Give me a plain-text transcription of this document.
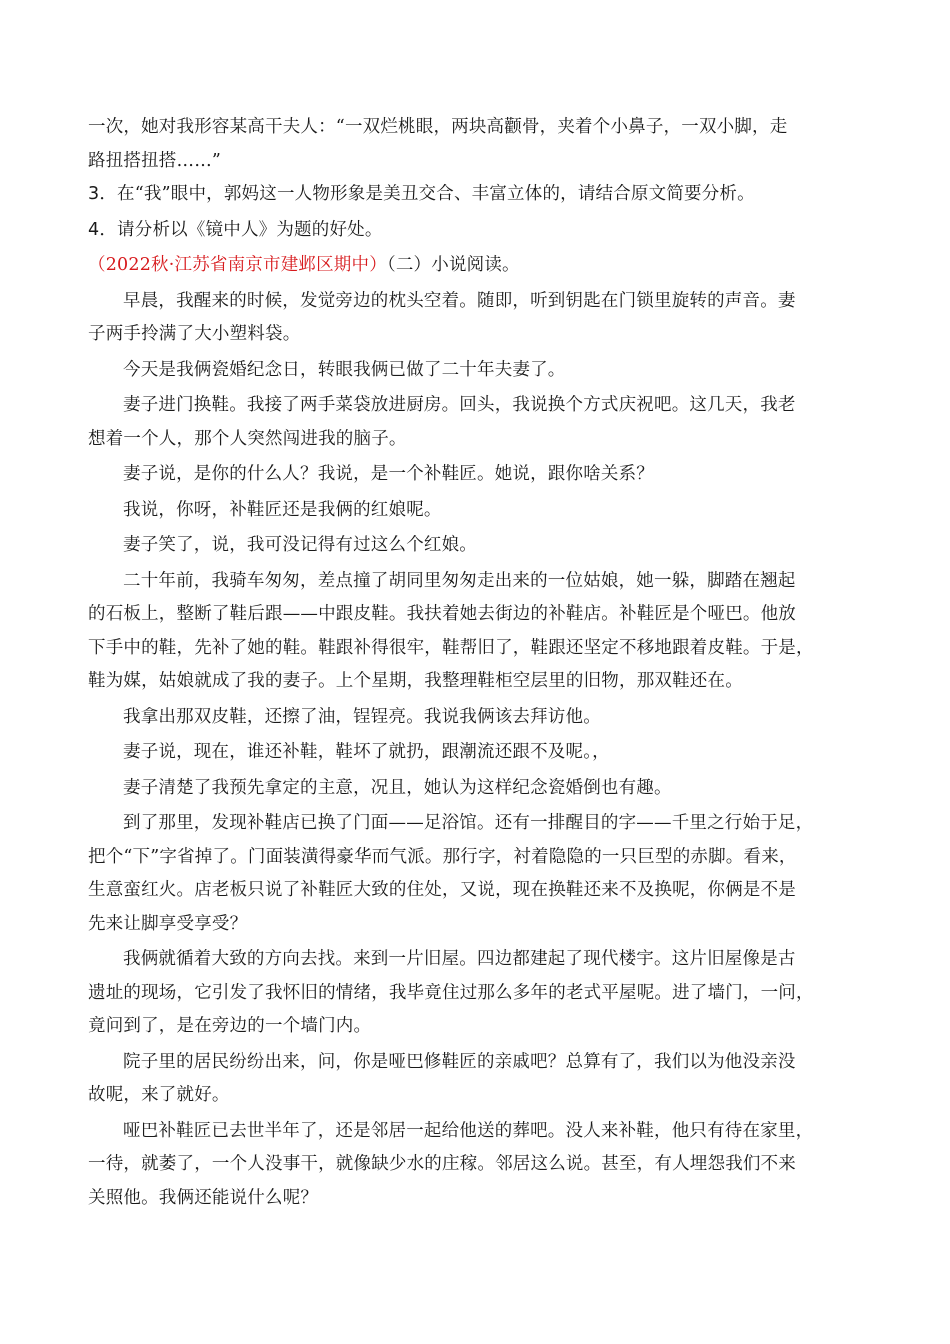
一次，她对我形容某高干夫人：“一双烂桃眼，两块高颧骨，夹着个小鼻子，一双小脚，走
路扭搭扭搭……”
3．在“我”眼中，郭妈这一人物形象是美丑交合、丰富立体的，请结合原文简要分析。
4．请分析以《镜中人》为题的好处。
（2022秋·江苏省南京市建邺区期中）（二）小说阅读。
早晨，我醒来的时候，发觉旁边的枕头空着。随即，听到钥匙在门锁里旋转的声音。妻
子两手拎满了大小塑料袋。
今天是我俩瓷婚纪念日，转眼我俩已做了二十年夫妻了。
妻子进门换鞋。我接了两手菜袋放进厨房。回头，我说换个方式庆祝吧。这几天，我老
想着一个人，那个人突然闯进我的脑子。
妻子说，是你的什么人？我说，是一个补鞋匠。她说，跟你啥关系？
我说，你呀，补鞋匠还是我俩的红娘呢。
妻子笑了，说，我可没记得有过这么个红娘。
二十年前，我骑车匆匆，差点撞了胡同里匆匆走出来的一位姑娘，她一躲，脚踏在翘起
的石板上，整断了鞋后跟——中跟皮鞋。我扶着她去街边的补鞋店。补鞋匠是个哑巴。他放
下手中的鞋，先补了她的鞋。鞋跟补得很牢，鞋帮旧了，鞋跟还坚定不移地跟着皮鞋。于是，
鞋为媒，姑娘就成了我的妻子。上个星期，我整理鞋柜空层里的旧物，那双鞋还在。
我拿出那双皮鞋，还擦了油，锃锃亮。我说我俩该去拜访他。
妻子说，现在，谁还补鞋，鞋坏了就扔，跟潮流还跟不及呢。，
妻子清楚了我预先拿定的主意，况且，她认为这样纪念瓷婚倒也有趣。
到了那里，发现补鞋店已换了门面——足浴馆。还有一排醒目的字——千里之行始于足，
把个“下”字省掉了。门面装潢得豪华而气派。那行字，衬着隐隐的一只巨型的赤脚。看来，
生意蛮红火。店老板只说了补鞋匠大致的住处，又说，现在换鞋还来不及换呢，你俩是不是
先来让脚享受享受？
我俩就循着大致的方向去找。来到一片旧屋。四边都建起了现代楼宇。这片旧屋像是古
遗址的现场，它引发了我怀旧的情绪，我毕竟住过那么多年的老式平屋呢。进了墙门，一问，
竟问到了，是在旁边的一个墙门内。
院子里的居民纷纷出来，问，你是哑巴修鞋匠的亲戚吧？总算有了，我们以为他没亲没
故呢，来了就好。
哑巴补鞋匠已去世半年了，还是邻居一起给他送的葬吧。没人来补鞋，他只有待在家里，
一待，就萎了，一个人没事干，就像缺少水的庄稼。邻居这么说。甚至，有人埋怨我们不来
关照他。我俩还能说什么呢？
